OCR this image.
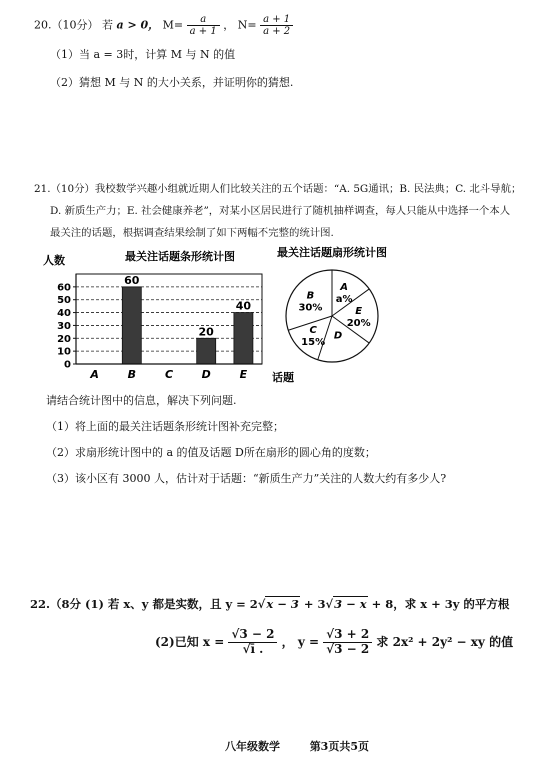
20.（10分） 若 a > 0， $M= \frac{a}{a + 1}$ ， $N= \frac{a + 1}{a + 2}$
（1）当 a = 3时，计算 M 与 N 的值
（2）猜想 M 与 N 的大小关系，并证明你的猜想.
21.（10分）我校数学兴趣小组就近期人们比较关注的五个话题：“A. 5G通讯；B. 民法典；C. 北斗导航；
D. 新质生产力；E. 社会健康养老”，对某小区居民进行了随机抽样调查，每人只能从中选择一个本人
最关注的话题，根据调查结果绘制了如下两幅不完整的统计图.
最关注话题条形统计图
人数
0
10
20
30
40
50
60
A	B	C	D	E
60
20
40
话题
最关注话题扇形统计图
A
a%
B
30%
C
15%
D
E
20%
请结合统计图中的信息，解决下列问题.
（1）将上面的最关注话题条形统计图补充完整；
（2）求扇形统计图中的 a 的值及话题 D所在扇形的圆心角的度数；
（3）该小区有 3000 人，估计对于话题：“新质生产力”关注的人数大约有多少人?
22.（8分 (1) 若 x、y 都是实数，且 y = 2√x − 3 + 3√3 − x + 8，求 x + 3y 的平方根
(2)已知 $x = \frac{√3 - 2}{√ī .}$ ， $y = \frac{√3 + 2}{√3 - 2}$ 求 2x² + 2y² − xy 的值
八年级数学	第3页共5页
